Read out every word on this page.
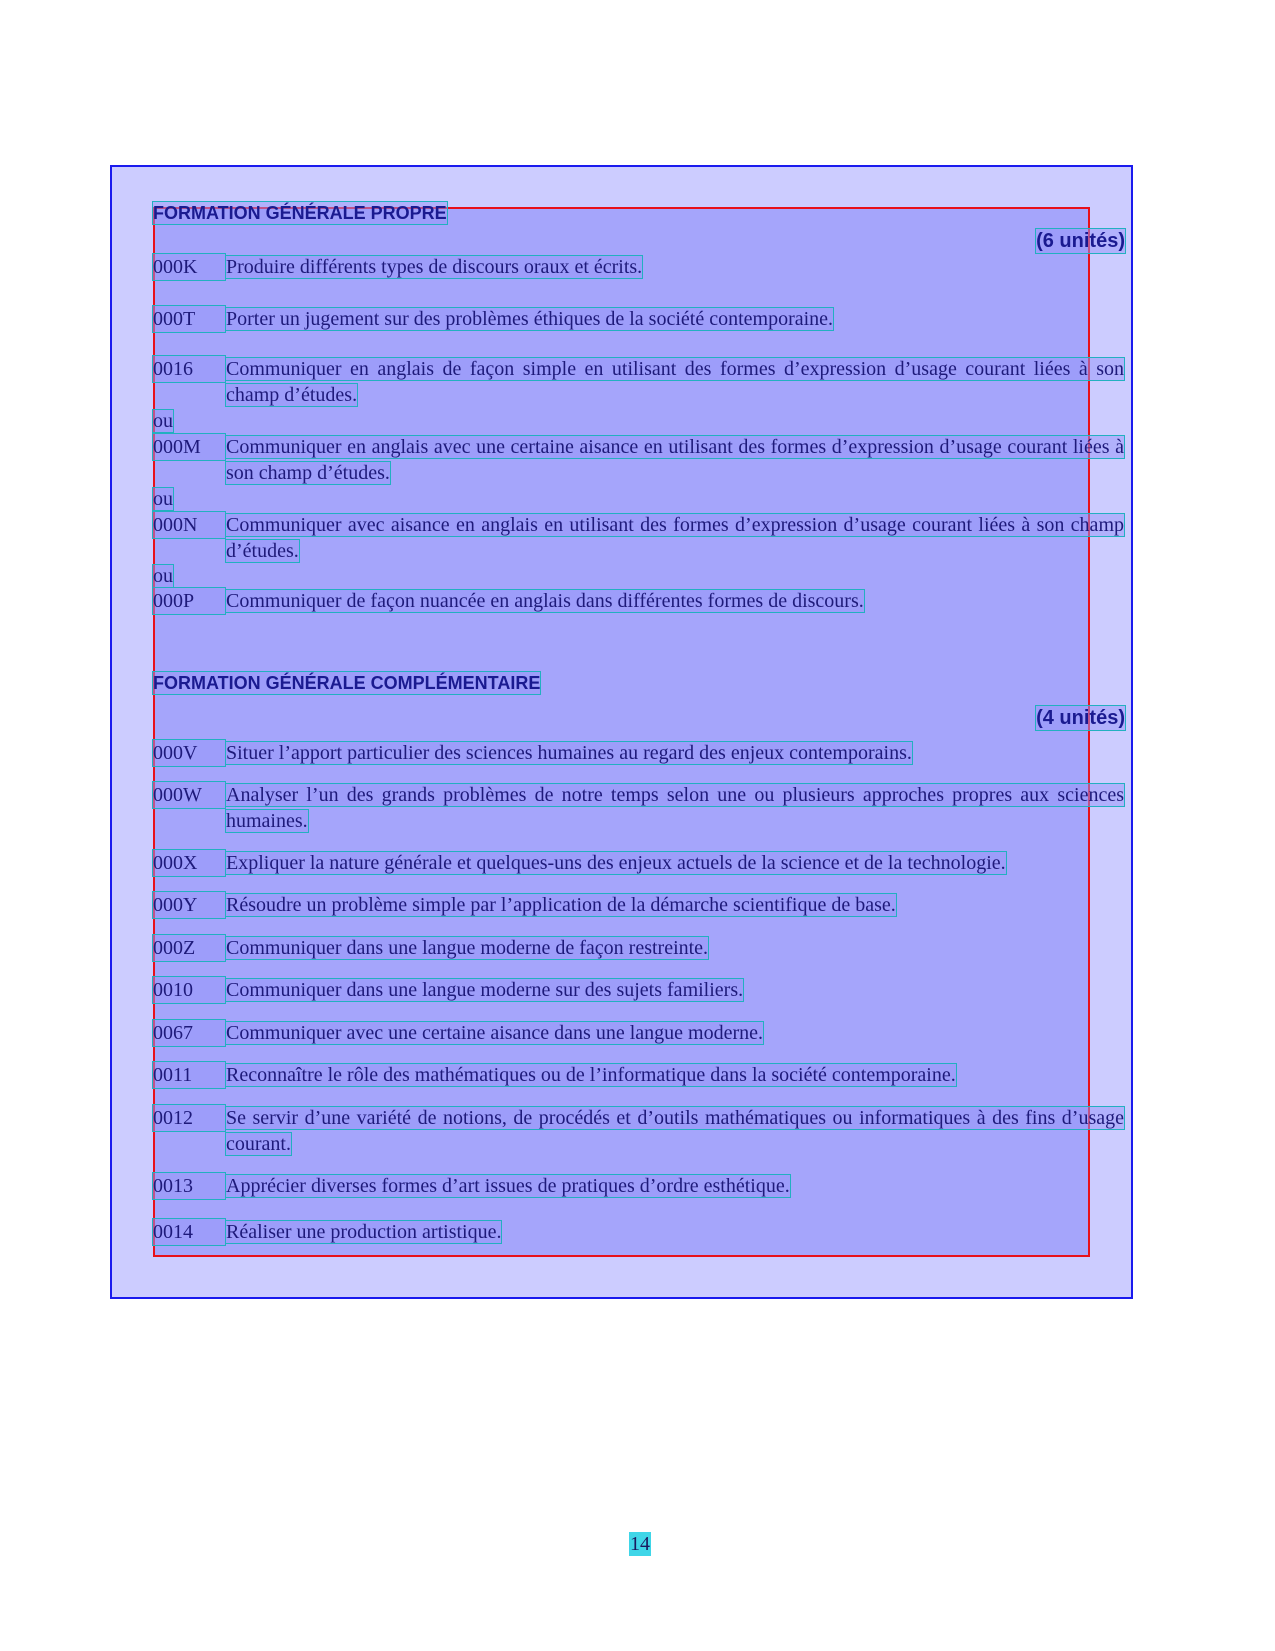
FORMATION GÉNÉRALE PROPRE
(6 unités)
000K	Produire différents types de discours oraux et écrits.
000T	Porter un jugement sur des problèmes éthiques de la société contemporaine.
0016	Communiquer en anglais de façon simple en utilisant des formes d’expression d’usage courant liées à son champ d’études.
ou
000M	Communiquer en anglais avec une certaine aisance en utilisant des formes d’expression d’usage courant liées à son champ d’études.
ou
000N	Communiquer avec aisance en anglais en utilisant des formes d’expression d’usage courant liées à son champ d’études.
ou
000P	Communiquer de façon nuancée en anglais dans différentes formes de discours.
FORMATION GÉNÉRALE COMPLÉMENTAIRE
(4 unités)
000V	Situer l’apport particulier des sciences humaines au regard des enjeux contemporains.
000W	Analyser l’un des grands problèmes de notre temps selon une ou plusieurs approches propres aux sciences humaines.
000X	Expliquer la nature générale et quelques-uns des enjeux actuels de la science et de la technologie.
000Y	Résoudre un problème simple par l’application de la démarche scientifique de base.
000Z	Communiquer dans une langue moderne de façon restreinte.
0010	Communiquer dans une langue moderne sur des sujets familiers.
0067	Communiquer avec une certaine aisance dans une langue moderne.
0011	Reconnaître le rôle des mathématiques ou de l’informatique dans la société contemporaine.
0012	Se servir d’une variété de notions, de procédés et d’outils mathématiques ou informatiques à des fins d’usage courant.
0013	Apprécier diverses formes d’art issues de pratiques d’ordre esthétique.
0014	Réaliser une production artistique.
14
